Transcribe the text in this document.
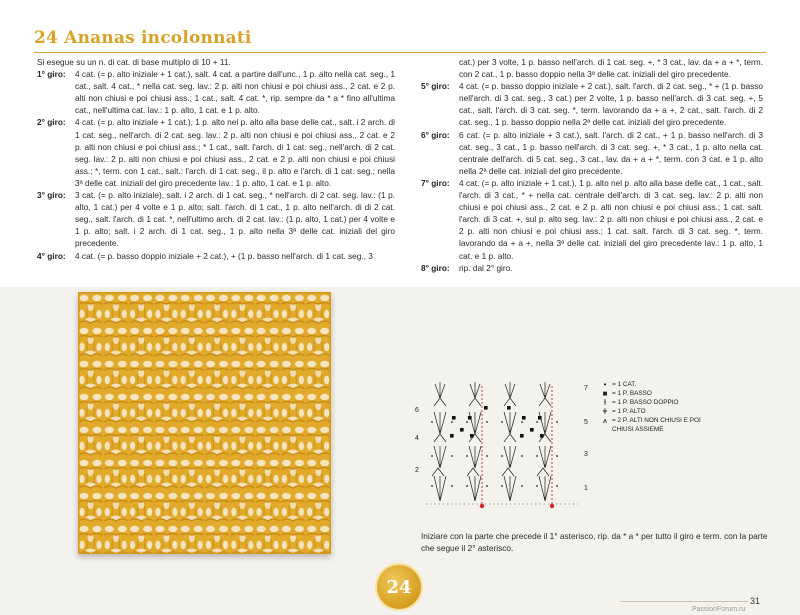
24 Ananas incolonnati
Si esegue su un n. di cat. di base multiplo di 10 + 11.
1° giro:	4 cat. (= p. alto iniziale + 1 cat.), salt. 4 cat. a partire dall'unc., 1 p. alto nella cat. seg., 1 cat., salt. 4 cat., * nella cat. seg. lav.: 2 p. alti non chiusi e poi chiusi ass., 2 cat. e 2 p. alti non chiusi e poi chiusi ass.; 1 cat., salt. 4 cat. *, rip. sempre da * a * fino all'ultima cat., nell'ultima cat. lav.: 1 p. alto, 1 cat. e 1 p. alto.
2° giro:	4 cat. (= p. alto iniziale + 1 cat.), 1 p. alto nel p. alto alla base delle cat., salt. i 2 arch. di 1 cat. seg., nell'arch. di 2 cat. seg. lav.: 2 p. alti non chiusi e poi chiusi ass., 2 cat. e 2 p. alti non chiusi e poi chiusi ass.; * 1 cat., salt. l'arch. di 1 cat. seg., nell'arch. di 2 cat. seg. lav.: 2 p. alti non chiusi e poi chiusi ass., 2 cat. e 2 p. alti non chiusi e poi chiusi ass.; *, term. con 1 cat., salt.: l'arch. di 1 cat. seg., il p. alto e l'arch. di 1 cat. seg.; nella 3ª delle cat. iniziali del giro precedente lav.: 1 p. alto, 1 cat. e 1 p. alto.
3° giro:	3 cat. (= p. alto iniziale), salt. i 2 arch. di 1 cat. seg., * nell'arch. di 2 cat. seg. lav.: (1 p. alto, 1 cat.) per 4 volte e 1 p. alto; salt. l'arch. di 1 cat., 1 p. alto nell'arch. di di 2 cat. seg., salt. l'arch. di 1 cat. *, nell'ultimo arch. di 2 cat. lav.: (1 p. alto, 1 cat.) per 4 volte e 1 p. alto; salt. i 2 arch. di 1 cat. seg., 1 p. alto nella 3ª delle cat. iniziali del giro precedente.
4° giro:	4 cat. (= p. basso doppio iniziale + 2 cat.), + (1 p. basso nell'arch. di 1 cat. seg., 3
cat.) per 3 volte, 1 p. basso nell'arch. di 1 cat. seg. +, * 3 cat., lav. da + a + *, term. con 2 cat., 1 p. basso doppio nella 3ª delle cat. iniziali del giro precedente.
5° giro:	4 cat. (= p. basso doppio iniziale + 2 cat.), salt. l'arch. di 2 cat. seg., * + (1 p. basso nell'arch. di 3 cat. seg., 3 cat.) per 2 volte, 1 p. basso nell'arch. di 3 cat. seg. +, 5 cat., salt. l'arch. di 3 cat. seg. *, term. lavorando da + a +, 2 cat., salt. l'arch. di 2 cat. seg., 1 p. basso doppio nella 2ª delle cat. iniziali del giro precedente.
6° giro:	6 cat. (= p. alto iniziale + 3 cat.), salt. l'arch. di 2 cat., + 1 p. basso nell'arch. di 3 cat. seg., 3 cat., 1 p. basso nell'arch. di 3 cat. seg. +, * 3 cat., 1 p. alto nella cat. centrale dell'arch. di 5 cat. seg., 3 cat., lav. da + a + *, term. con 3 cat. e 1 p. alto nella 2ª delle cat. iniziali del giro precedente.
7° giro:	4 cat. (= p. alto iniziale + 1 cat.), 1 p. alto nel p. alto alla base delle cat., 1 cat., salt. l'arch. di 3 cat., * + nella cat. centrale dell'arch. di 3 cat. seg. lav.: 2 p. alti non chiusi e poi chiusi ass., 2 cat. e 2 p. alti non chiusi e poi chiusi ass.; 1 cat. salt. l'arch. di 3 cat. +, sul p. alto seg. lav.: 2 p. alti non chiusi e poi chiusi ass., 2 cat. e 2 p. alti non chiusi e poi chiusi ass.; 1 cat. salt. l'arch. di 3 cat. seg. *, term. lavorando da + a +, nella 3ª delle cat. iniziali del giro precedente lav.: 1 p. alto, 1 cat. e 1 p. alto.
8° giro:	rip. dal 2° giro.
6
4
2
7
5
3
1
• = 1 CAT.
■ = 1 P. BASSO
ⱡ = 1 P. BASSO DOPPIO
ǂ = 1 P. ALTO
⩚ = 2 P. ALTI NON CHIUSI E POI CHIUSI ASSIEME
Iniziare con la parte che precede il 1° asterisco, rip. da * a * per tutto il giro e term. con la parte che segue il 2° asterisco.
24
31
PassionForum.ru
